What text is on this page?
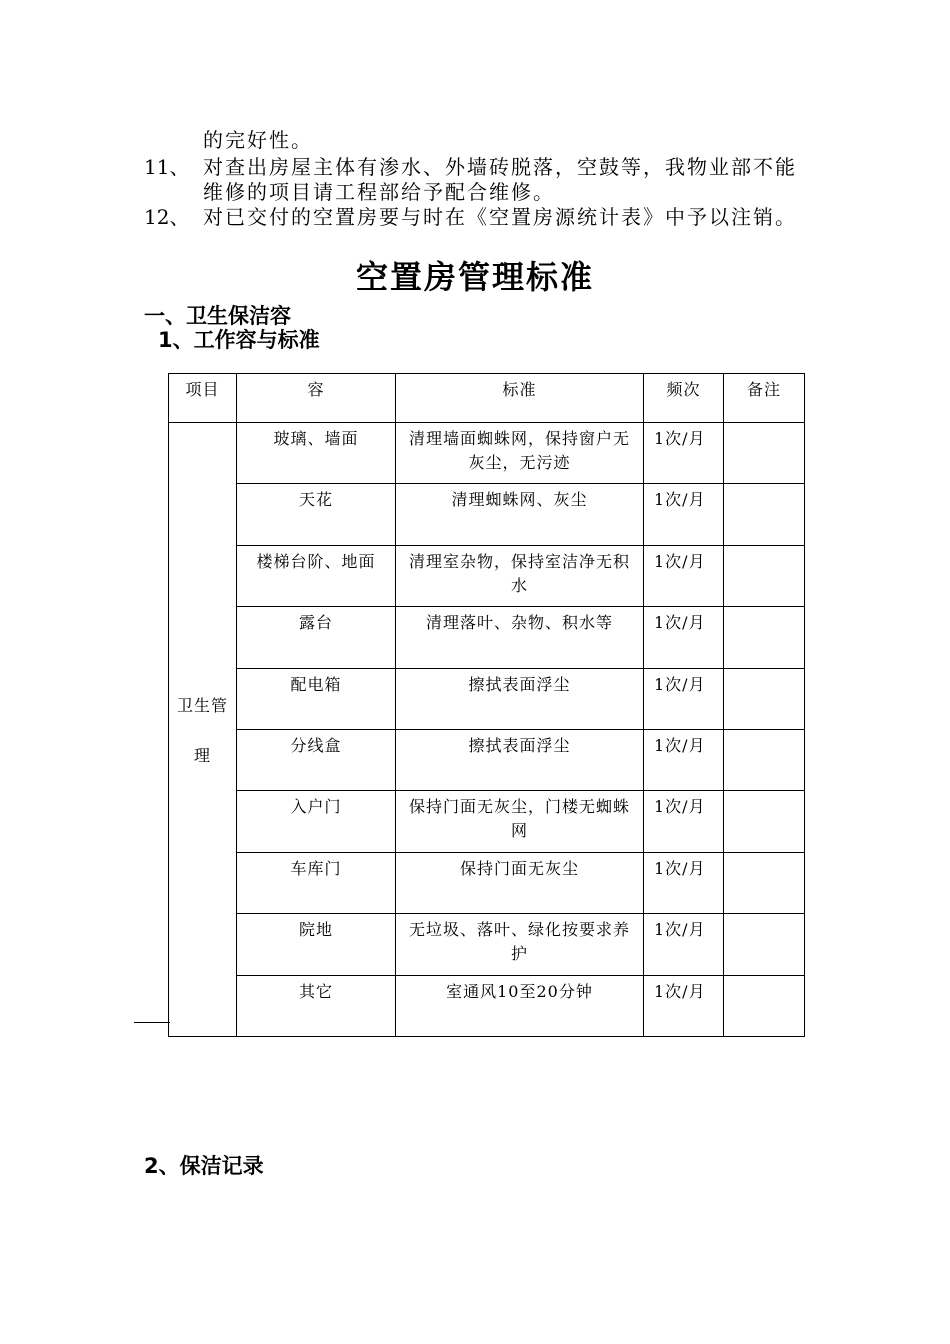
的完好性。
11、 对查出房屋主体有渗水、外墙砖脱落，空鼓等，我物业部不能
维修的项目请工程部给予配合维修。
12、 对已交付的空置房要与时在《空置房源统计表》中予以注销。
空置房管理标准
一、卫生保洁容
1、工作容与标准
项目	容	标准	频次	备注
卫生管理	玻璃、墙面	清理墙面蜘蛛网，保持窗户无灰尘，无污迹	1次/月	
	天花	清理蜘蛛网、灰尘	1次/月	
	楼梯台阶、地面	清理室杂物，保持室洁净无积水	1次/月	
	露台	清理落叶、杂物、积水等	1次/月	
	配电箱	擦拭表面浮尘	1次/月	
	分线盒	擦拭表面浮尘	1次/月	
	入户门	保持门面无灰尘，门楼无蜘蛛网	1次/月	
	车库门	保持门面无灰尘	1次/月	
	院地	无垃圾、落叶、绿化按要求养护	1次/月	
	其它	室通风10至20分钟	1次/月	
2、保洁记录
